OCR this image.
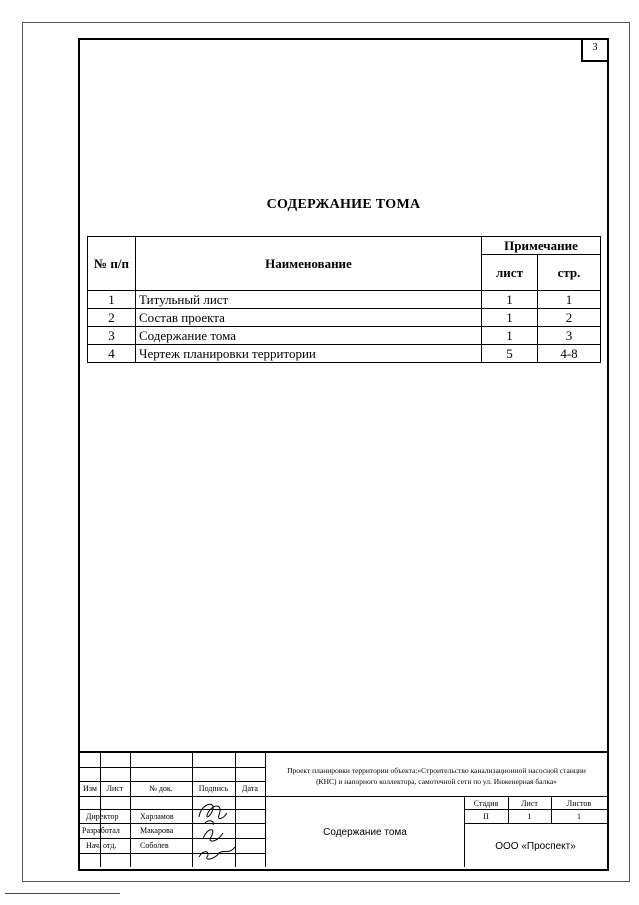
3
СОДЕРЖАНИЕ ТОМА
№ п/п	Наименование	Примечание	
		лист	стр.
1	Титульный лист	1	1
2	Состав проекта	1	2
3	Содержание тома	1	3
4	Чертеж планировки территории	5	4-8
Изм	Лист	№ док.	Подпись	Дата
Директор	Харламов
Разработал	Макарова
Нач. отд.	Соболев
Проект планировки территории объекта:«Строительство канализационной насосной станции
(КНС) и напорного коллектора, самотечной сети по ул. Инженерная балка»
Содержание тома
Стадия	Лист	Листов
П	1	1
ООО «Проспект»
